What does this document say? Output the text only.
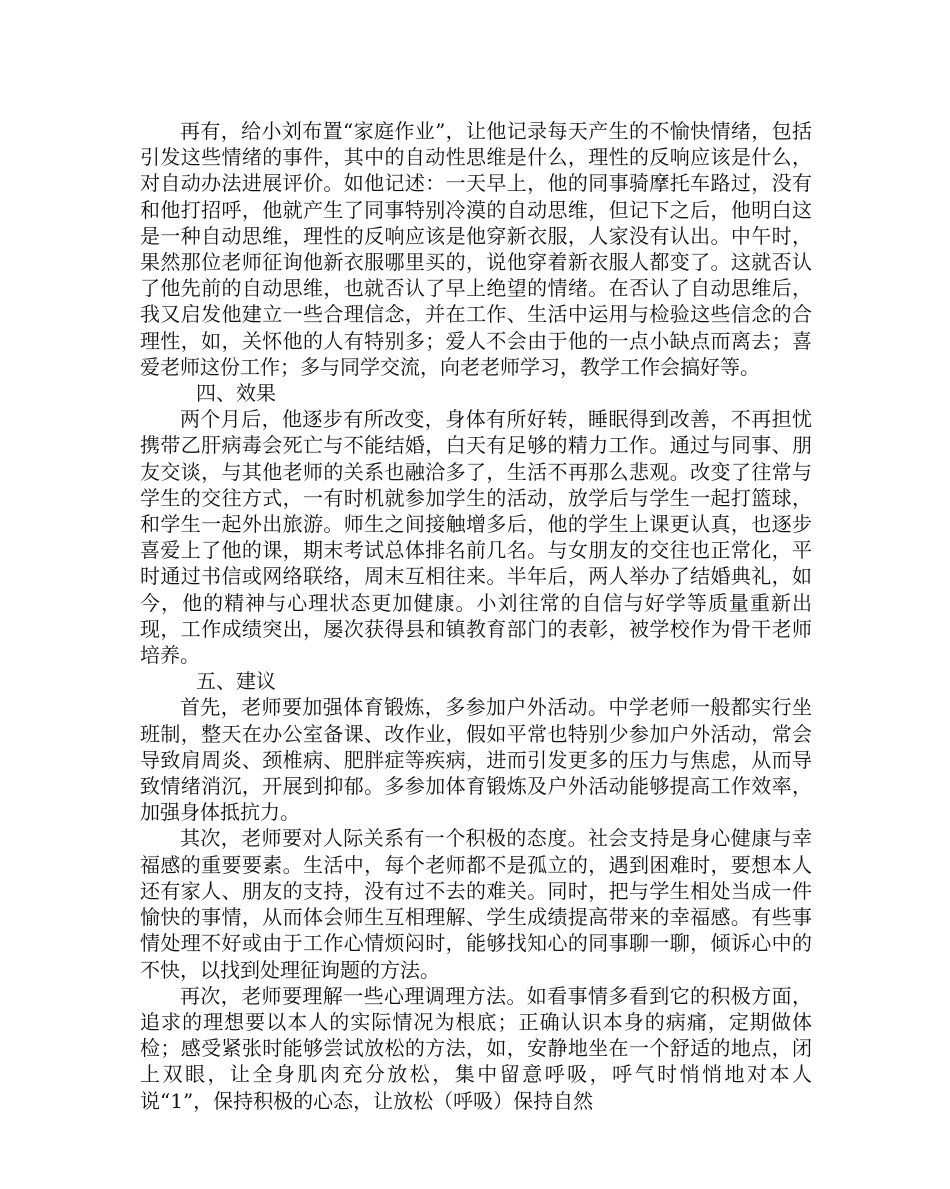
再有，给小刘布置“家庭作业”，让他记录每天产生的不愉快情绪，包括引发这些情绪的事件，其中的自动性思维是什么，理性的反响应该是什么，对自动办法进展评价。如他记述：一天早上，他的同事骑摩托车路过，没有和他打招呼，他就产生了同事特别冷漠的自动思维，但记下之后，他明白这是一种自动思维，理性的反响应该是他穿新衣服，人家没有认出。中午时，果然那位老师征询他新衣服哪里买的，说他穿着新衣服人都变了。这就否认了他先前的自动思维，也就否认了早上绝望的情绪。在否认了自动思维后，我又启发他建立一些合理信念，并在工作、生活中运用与检验这些信念的合理性，如，关怀他的人有特别多；爱人不会由于他的一点小缺点而离去；喜爱老师这份工作；多与同学交流，向老老师学习，教学工作会搞好等。

四、效果

两个月后，他逐步有所改变，身体有所好转，睡眠得到改善，不再担忧携带乙肝病毒会死亡与不能结婚，白天有足够的精力工作。通过与同事、朋友交谈，与其他老师的关系也融洽多了，生活不再那么悲观。改变了往常与学生的交往方式，一有时机就参加学生的活动，放学后与学生一起打篮球，和学生一起外出旅游。师生之间接触增多后，他的学生上课更认真，也逐步喜爱上了他的课，期末考试总体排名前几名。与女朋友的交往也正常化，平时通过书信或网络联络，周末互相往来。半年后，两人举办了结婚典礼，如今，他的精神与心理状态更加健康。小刘往常的自信与好学等质量重新出现，工作成绩突出，屡次获得县和镇教育部门的表彰，被学校作为骨干老师培养。

五、建议

首先，老师要加强体育锻炼，多参加户外活动。中学老师一般都实行坐班制，整天在办公室备课、改作业，假如平常也特别少参加户外活动，常会导致肩周炎、颈椎病、肥胖症等疾病，进而引发更多的压力与焦虑，从而导致情绪消沉，开展到抑郁。多参加体育锻炼及户外活动能够提高工作效率，加强身体抵抗力。

其次，老师要对人际关系有一个积极的态度。社会支持是身心健康与幸福感的重要要素。生活中，每个老师都不是孤立的，遇到困难时，要想本人还有家人、朋友的支持，没有过不去的难关。同时，把与学生相处当成一件愉快的事情，从而体会师生互相理解、学生成绩提高带来的幸福感。有些事情处理不好或由于工作心情烦闷时，能够找知心的同事聊一聊，倾诉心中的不快，以找到处理征询题的方法。

再次，老师要理解一些心理调理方法。如看事情多看到它的积极方面，追求的理想要以本人的实际情况为根底；正确认识本身的病痛，定期做体检；感受紧张时能够尝试放松的方法，如，安静地坐在一个舒适的地点，闭上双眼，让全身肌肉充分放松，集中留意呼吸，呼气时悄悄地对本人说“1”，保持积极的心态，让放松（呼吸）保持自然
